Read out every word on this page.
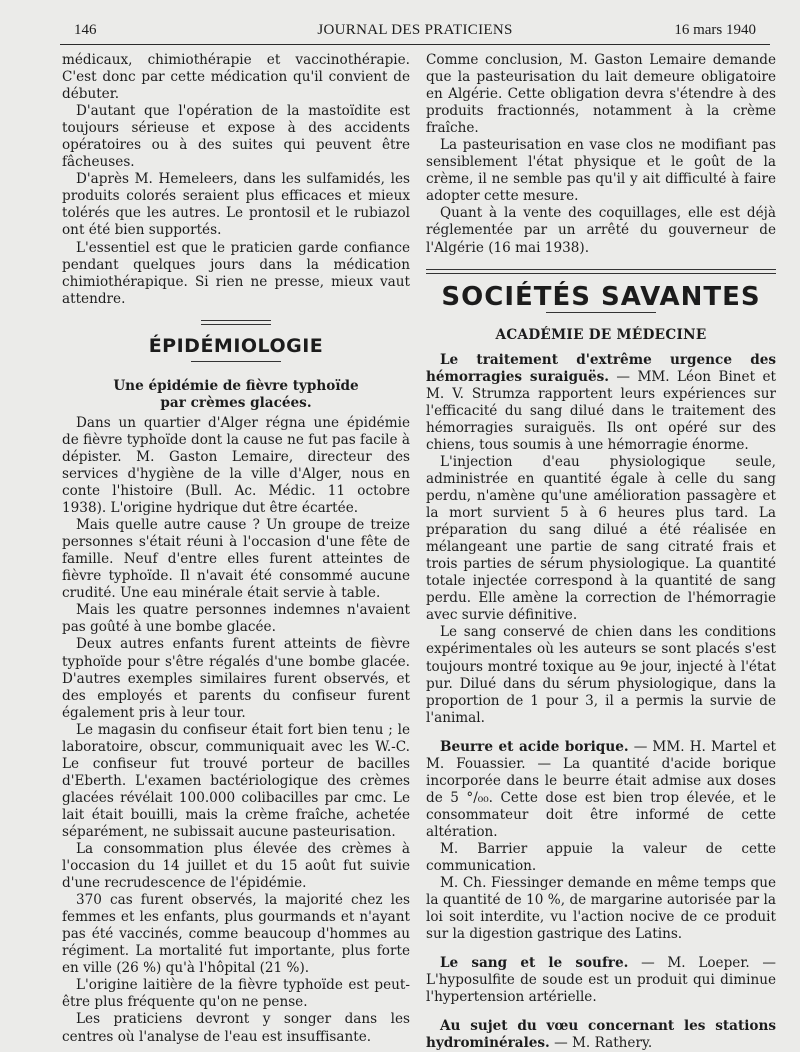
146	JOURNAL DES PRATICIENS	16 mars 1940

médicaux, chimiothérapie et vaccinothérapie. C'est donc par cette médication qu'il convient de débuter.

D'autant que l'opération de la mastoïdite est toujours sérieuse et expose à des accidents opératoires ou à des suites qui peuvent être fâcheuses.

D'après M. Hemeleers, dans les sulfamidés, les produits colorés seraient plus efficaces et mieux tolérés que les autres. Le prontosil et le rubiazol ont été bien supportés.

L'essentiel est que le praticien garde confiance pendant quelques jours dans la médication chimiothérapique. Si rien ne presse, mieux vaut attendre.

ÉPIDÉMIOLOGIE
Une épidémie de fièvre typhoïde
par crèmes glacées.

Dans un quartier d'Alger régna une épidémie de fièvre typhoïde dont la cause ne fut pas facile à dépister. M. Gaston Lemaire, directeur des services d'hygiène de la ville d'Alger, nous en conte l'histoire (Bull. Ac. Médic. 11 octobre 1938). L'origine hydrique dut être écartée.

Mais quelle autre cause ? Un groupe de treize personnes s'était réuni à l'occasion d'une fête de famille. Neuf d'entre elles furent atteintes de fièvre typhoïde. Il n'avait été consommé aucune crudité. Une eau minérale était servie à table.

Mais les quatre personnes indemnes n'avaient pas goûté à une bombe glacée.

Deux autres enfants furent atteints de fièvre typhoïde pour s'être régalés d'une bombe glacée. D'autres exemples similaires furent observés, et des employés et parents du confiseur furent également pris à leur tour.

Le magasin du confiseur était fort bien tenu ; le laboratoire, obscur, communiquait avec les W.-C. Le confiseur fut trouvé porteur de bacilles d'Eberth. L'examen bactériologique des crèmes glacées révélait 100.000 colibacilles par cmc. Le lait était bouilli, mais la crème fraîche, achetée séparément, ne subissait aucune pasteurisation.

La consommation plus élevée des crèmes à l'occasion du 14 juillet et du 15 août fut suivie d'une recrudescence de l'épidémie.

370 cas furent observés, la majorité chez les femmes et les enfants, plus gourmands et n'ayant pas été vaccinés, comme beaucoup d'hommes au régiment. La mortalité fut importante, plus forte en ville (26 %) qu'à l'hôpital (21 %).

L'origine laitière de la fièvre typhoïde est peut-être plus fréquente qu'on ne pense.

Les praticiens devront y songer dans les centres où l'analyse de l'eau est insuffisante.

Comme conclusion, M. Gaston Lemaire demande que la pasteurisation du lait demeure obligatoire en Algérie. Cette obligation devra s'étendre à des produits fractionnés, notamment à la crème fraîche.

La pasteurisation en vase clos ne modifiant pas sensiblement l'état physique et le goût de la crème, il ne semble pas qu'il y ait difficulté à faire adopter cette mesure.

Quant à la vente des coquillages, elle est déjà réglementée par un arrêté du gouverneur de l'Algérie (16 mai 1938).

SOCIÉTÉS SAVANTES
ACADÉMIE DE MÉDECINE

Le traitement d'extrême urgence des hémorragies suraiguës. — MM. Léon Binet et M. V. Strumza rapportent leurs expériences sur l'efficacité du sang dilué dans le traitement des hémorragies suraiguës. Ils ont opéré sur des chiens, tous soumis à une hémorragie énorme.

L'injection d'eau physiologique seule, administrée en quantité égale à celle du sang perdu, n'amène qu'une amélioration passagère et la mort survient 5 à 6 heures plus tard. La préparation du sang dilué a été réalisée en mélangeant une partie de sang citraté frais et trois parties de sérum physiologique. La quantité totale injectée correspond à la quantité de sang perdu. Elle amène la correction de l'hémorragie avec survie définitive.

Le sang conservé de chien dans les conditions expérimentales où les auteurs se sont placés s'est toujours montré toxique au 9e jour, injecté à l'état pur. Dilué dans du sérum physiologique, dans la proportion de 1 pour 3, il a permis la survie de l'animal.

Beurre et acide borique. — MM. H. Martel et M. Fouassier. — La quantité d'acide borique incorporée dans le beurre était admise aux doses de 5 °/₀₀. Cette dose est bien trop élevée, et le consommateur doit être informé de cette altération.

M. Barrier appuie la valeur de cette communication.

M. Ch. Fiessinger demande en même temps que la quantité de 10 %, de margarine autorisée par la loi soit interdite, vu l'action nocive de ce produit sur la digestion gastrique des Latins.

Le sang et le soufre. — M. Loeper. — L'hyposulfite de soude est un produit qui diminue l'hypertension artérielle.

Au sujet du vœu concernant les stations hydrominérales. — M. Rathery.
